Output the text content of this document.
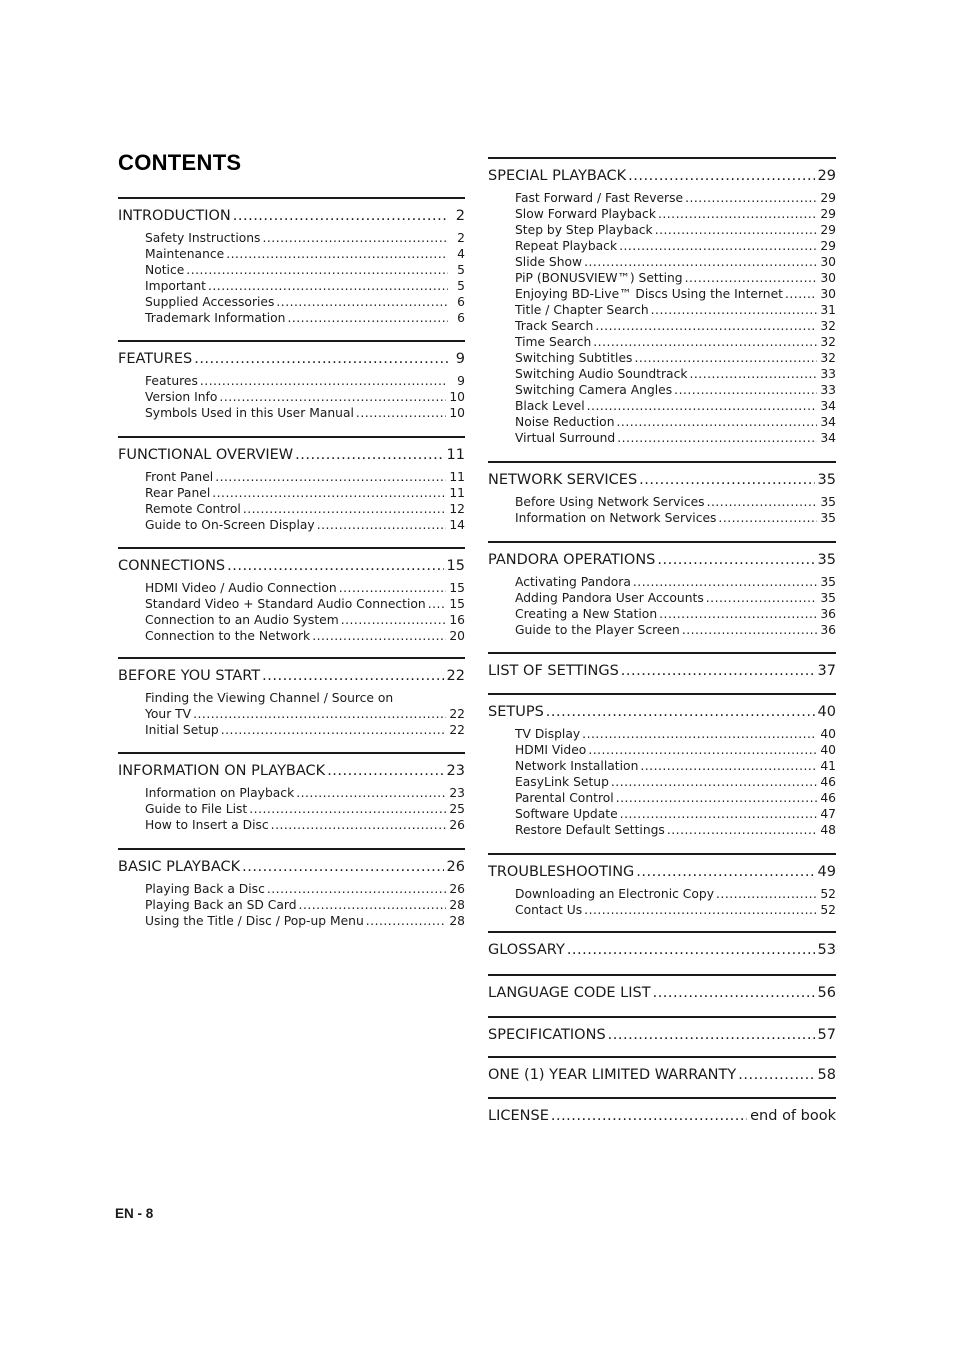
CONTENTS
INTRODUCTION .....	2
Safety Instructions .....	2
Maintenance .....	4
Notice .....	5
Important .....	5
Supplied Accessories .....	6
Trademark Information .....	6
FEATURES .....	9
Features .....	9
Version Info .....	10
Symbols Used in this User Manual .....	10
FUNCTIONAL OVERVIEW .....	11
Front Panel .....	11
Rear Panel .....	11
Remote Control .....	12
Guide to On-Screen Display .....	14
CONNECTIONS .....	15
HDMI Video / Audio Connection .....	15
Standard Video + Standard Audio Connection ..... 15
Connection to an Audio System .....	16
Connection to the Network .....	20
BEFORE YOU START .....	22
Finding the Viewing Channel / Source on
Your TV .....	22
Initial Setup .....	22
INFORMATION ON PLAYBACK .....	23
Information on Playback .....	23
Guide to File List .....	25
How to Insert a Disc .....	26
BASIC PLAYBACK .....	26
Playing Back a Disc .....	26
Playing Back an SD Card .....	28
Using the Title / Disc / Pop-up Menu .....	28
SPECIAL PLAYBACK .....	29
Fast Forward / Fast Reverse .....	29
Slow Forward Playback .....	29
Step by Step Playback .....	29
Repeat Playback .....	29
Slide Show .....	30
PiP (BONUSVIEW™) Setting .....	30
Enjoying BD-Live™ Discs Using the Internet .....	30
Title / Chapter Search .....	31
Track Search .....	32
Time Search .....	32
Switching Subtitles .....	32
Switching Audio Soundtrack .....	33
Switching Camera Angles .....	33
Black Level .....	34
Noise Reduction .....	34
Virtual Surround .....	34
NETWORK SERVICES .....	35
Before Using Network Services .....	35
Information on Network Services .....	35
PANDORA OPERATIONS .....	35
Activating Pandora .....	35
Adding Pandora User Accounts .....	35
Creating a New Station .....	36
Guide to the Player Screen .....	36
LIST OF SETTINGS .....	37
SETUPS .....	40
TV Display .....	40
HDMI Video .....	40
Network Installation .....	41
EasyLink Setup .....	46
Parental Control .....	46
Software Update .....	47
Restore Default Settings .....	48
TROUBLESHOOTING .....	49
Downloading an Electronic Copy .....	52
Contact Us .....	52
GLOSSARY .....	53
LANGUAGE CODE LIST .....	56
SPECIFICATIONS .....	57
ONE (1) YEAR LIMITED WARRANTY .....	58
LICENSE .....	end of book
EN - 8
